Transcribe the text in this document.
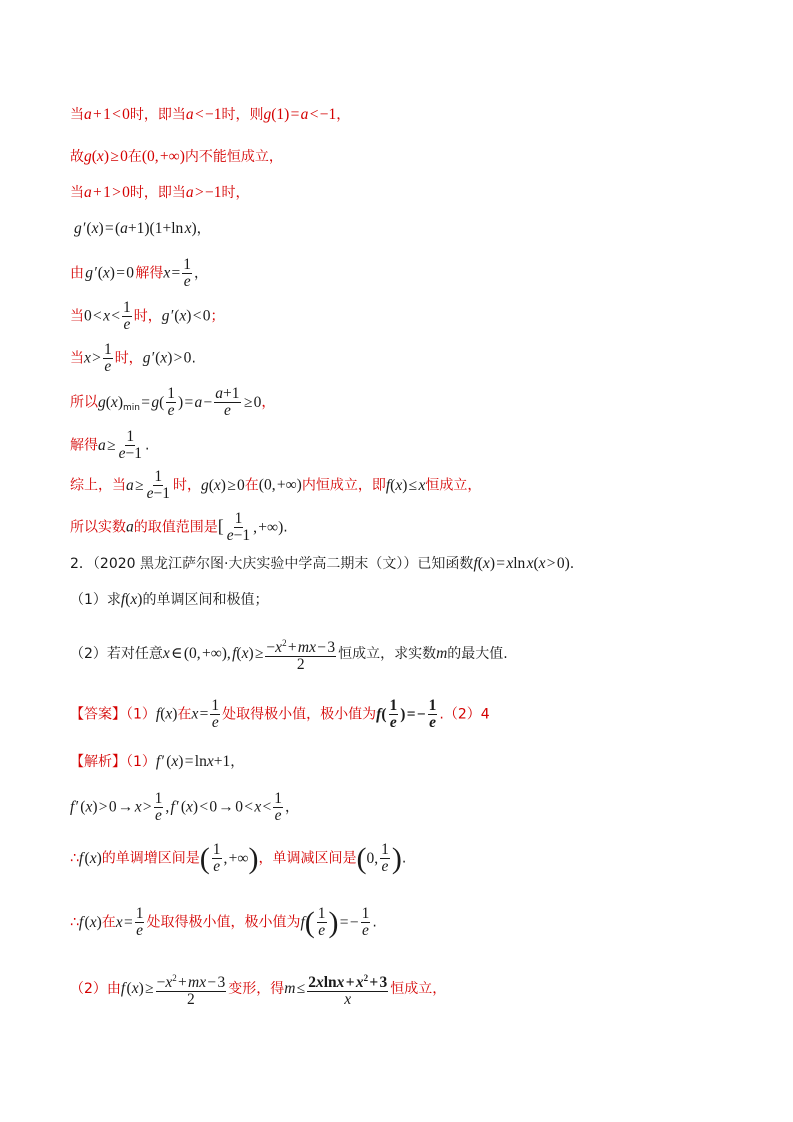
当a + 1 < 0时，即当a < −1时，则g(1) = a < −1，
故g(x) ≥ 0在(0, +∞)内不能恒成立，
当a + 1 > 0时，即当a > −1时，
g ′(x) = (a+1)(1+ln x)，
由 g ′(x) = 0 解得x = $\frac{1}{e}$ ，
当0 < x < $\frac{1}{e}$ 时，g ′(x) < 0；
当x > $\frac{1}{e}$ 时，g ′(x) > 0.
所以$g(x)_{min}$ = $g( \frac{1}{e}$ ) = a − $\frac{a+1}{e}$  ≥ 0，
解得a ≥ $\frac{1}{e-1}$ .
综上，当a ≥ $\frac{1}{e-1}$ 时，g(x) ≥ 0在(0, +∞)内恒成立，即f(x) ≤ x恒成立，
所以实数a的取值范围是[ $\frac{1}{e-1}$ , +∞).
2．（2020 黑龙江萨尔图·大庆实验中学高二期末（文））已知函数f(x) = xln x(x > 0).
（1）求f(x)的单调区间和极值；
（2）若对任意x ∈ (0, +∞), f(x) ≥ $\frac{-x^2 + mx - 3}{2}$ 恒成立，求实数m的最大值.
【答案】（1）f(x)在x = $\frac{1}{e}$ 处取得极小值，极小值为$f( \frac{1}{e}$ ) = − $\frac{1}{e} .(2)4$
【解析】（1）f ′ (x) = lnx+1，
f ′ (x) > 0 → x > $\frac{1}{e}$ , f ′ (x) < 0 → 0 < x < $\frac{1}{e}$ ，
∴f (x)的单调增区间是( $\frac{1}{e}$ , +∞)，单调减区间是(0, $\frac{1}{e}$ ).
∴f (x)在x = $\frac{1}{e}$ 处取得极小值，极小值为$f( \frac{1}{e}$ ) = − $\frac{1}{e}$ .
（2）由f (x) ≥ $\frac{-x^2 + mx - 3}{2}$ 变形，得m ≤ $\frac{2xlnx + x^2 + 3}{x}$ 恒成立，
